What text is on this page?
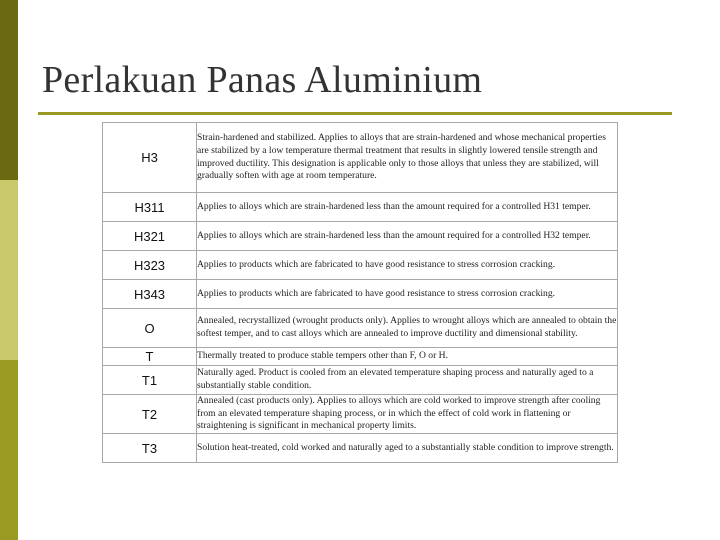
Perlakuan Panas Aluminium
H3	Strain-hardened and stabilized. Applies to alloys that are strain-hardened and whose mechanical properties are stabilized by a low temperature thermal treatment that results in slightly lowered tensile strength and improved ductility. This designation is applicable only to those alloys that unless they are stabilized, will gradually soften with age at room temperature.
H311	Applies to alloys which are strain-hardened less than the amount required for a controlled H31 temper.
H321	Applies to alloys which are strain-hardened less than the amount required for a controlled H32 temper.
H323	Applies to products which are fabricated to have good resistance to stress corrosion cracking.
H343	Applies to products which are fabricated to have good resistance to stress corrosion cracking.
O	Annealed, recrystallized (wrought products only). Applies to wrought alloys which are annealed to obtain the softest temper, and to cast alloys which are annealed to improve ductility and dimensional stability.
T	Thermally treated to produce stable tempers other than F, O or H.
T1	Naturally aged. Product is cooled from an elevated temperature shaping process and naturally aged to a substantially stable condition.
T2	Annealed (cast products only). Applies to alloys which are cold worked to improve strength after cooling from an elevated temperature shaping process, or in which the effect of cold work in flattening or straightening is significant in mechanical property limits.
T3	Solution heat-treated, cold worked and naturally aged to a substantially stable condition to improve strength.
